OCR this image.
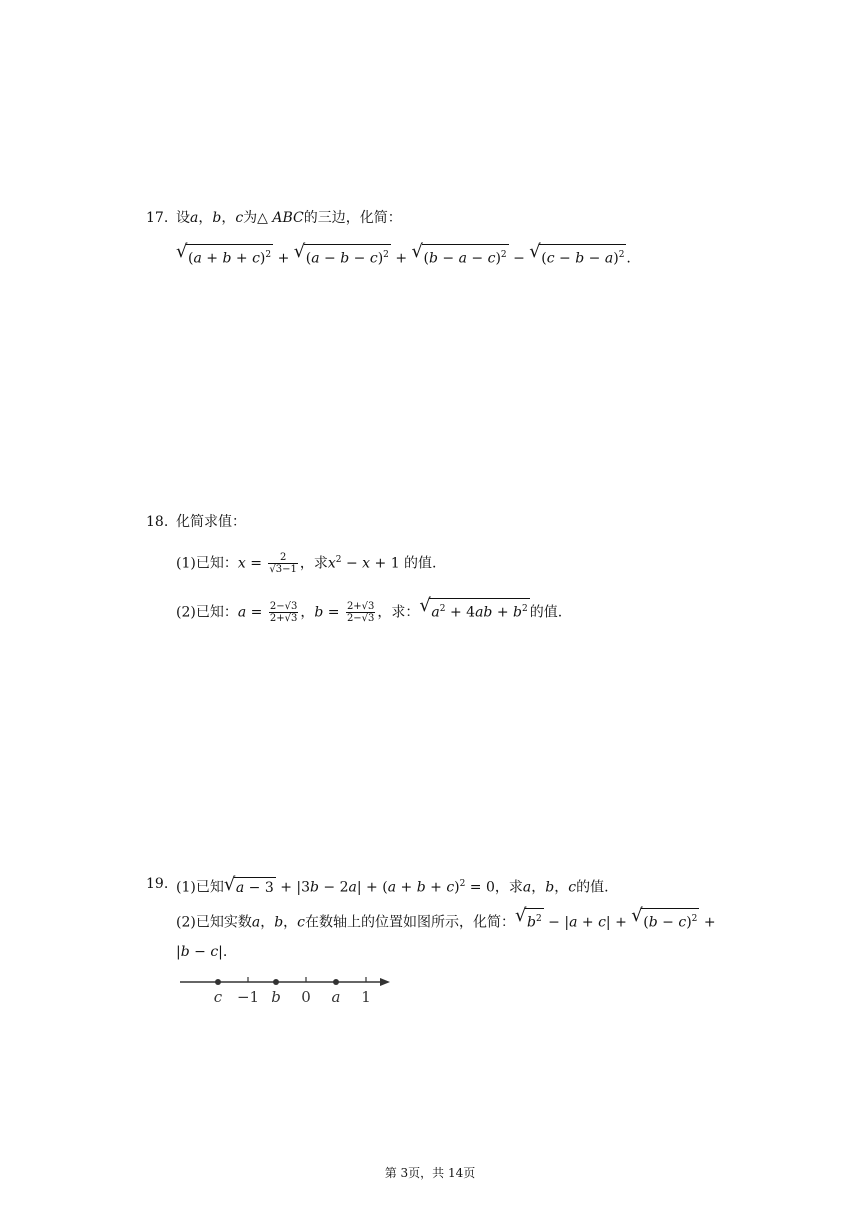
17. 设a，b，c为△ ABC的三边，化简：
√ $(a + b + c)^2$ + √ $(a - b - c)^2$ + √ $(b - a - c)^2$ − √ $(c - b - a)^2$ .
18. 化简求值：
(1)已知：$x = \frac{2}{√3-1}$ ，求$x^2 - x + 1$ 的值.
(2)已知：$a = \frac{2-√3}{2+√3}$ ，$b = \frac{2+√3}{2-√3}$ ，求： √ $a^2 + 4ab + b^2$ 的值.
19. (1)已知 √ $a - 3 + |3b - 2a| + (a + b + c)^2 = 0$，求a，b，c的值.
(2)已知实数a，b，c在数轴上的位置如图所示，化简： √ $b^2 - |a + c|$ + √ $(b - c)^2$ +
|b − c|.
c −1 b 0 a 1
第 3页，共 14页
